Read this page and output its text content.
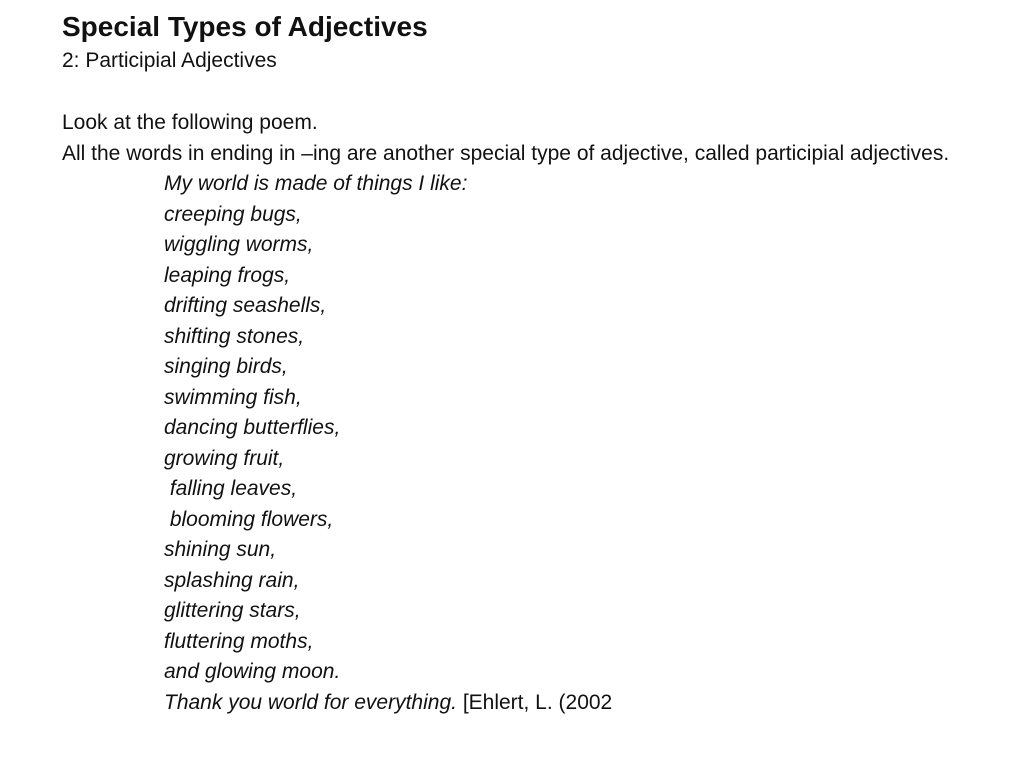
Special Types of Adjectives

2: Participial Adjectives

Look at the following poem.

All the words in ending in –ing are another special type of adjective, called participial adjectives.

My world is made of things I like:
creeping bugs,
wiggling worms,
leaping frogs,
drifting seashells,
shifting stones,
singing birds,
swimming fish,
dancing butterflies,
growing fruit,
falling leaves,
blooming flowers,
shining sun,
splashing rain,
glittering stars,
fluttering moths,
and glowing moon.
Thank you world for everything. [Ehlert, L. (2002
